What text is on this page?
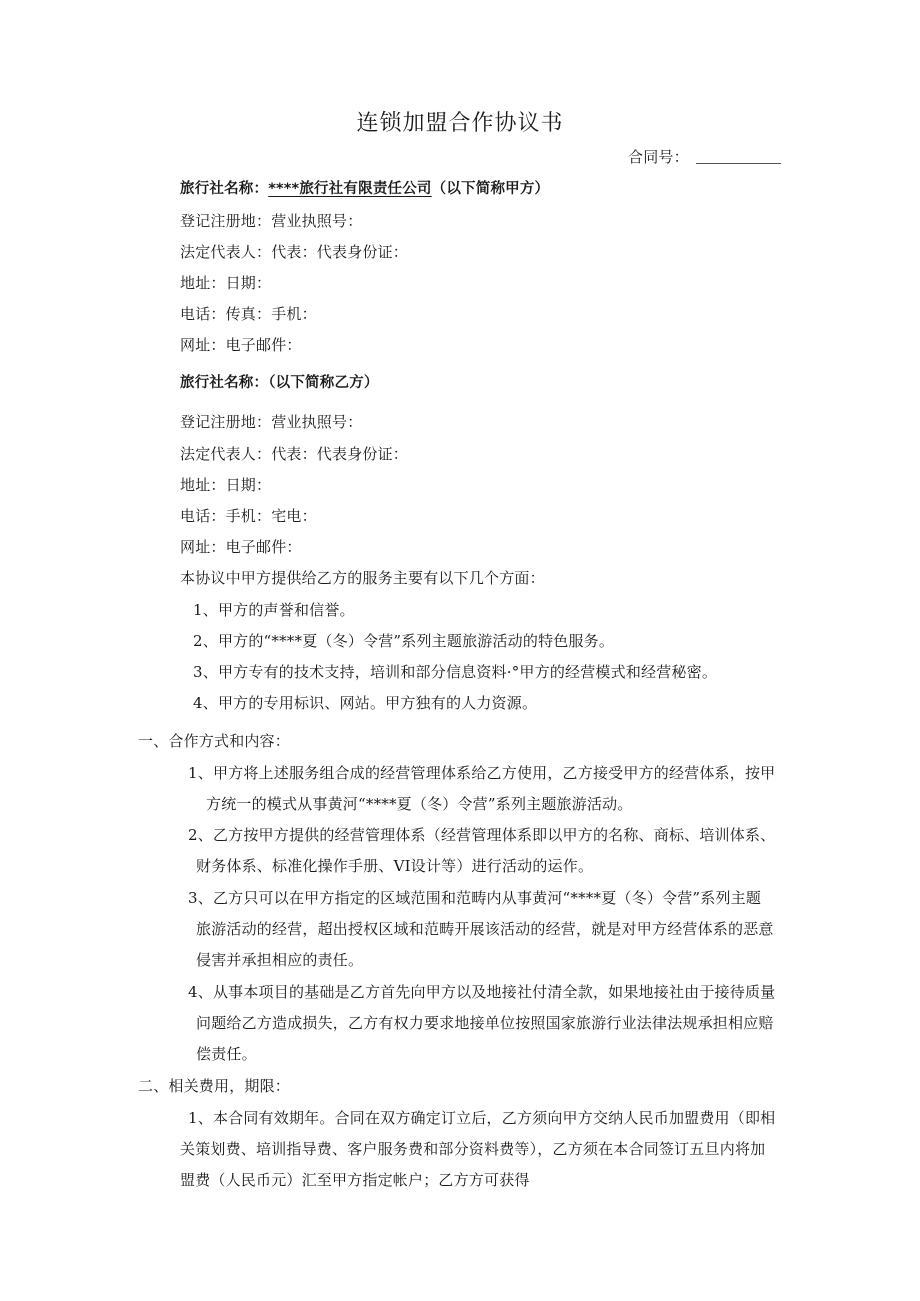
连锁加盟合作协议书
合同号：
旅行社名称：****旅行社有限责任公司（以下简称甲方）
登记注册地：营业执照号：
法定代表人：代表：代表身份证：
地址：日期：
电话：传真：手机：
网址：电子邮件：
旅行社名称：（以下简称乙方）
登记注册地：营业执照号：
法定代表人：代表：代表身份证：
地址：日期：
电话：手机：宅电：
网址：电子邮件：
本协议中甲方提供给乙方的服务主要有以下几个方面：
1、甲方的声誉和信誉。
2、甲方的“****夏（冬）令营”系列主题旅游活动的特色服务。
3、甲方专有的技术支持，培训和部分信息资料·°甲方的经营模式和经营秘密。
4、甲方的专用标识、网站。甲方独有的人力资源。
一、合作方式和内容：
1、甲方将上述服务组合成的经营管理体系给乙方使用，乙方接受甲方的经营体系，按甲
方统一的模式从事黄河“****夏（冬）令营”系列主题旅游活动。
2、乙方按甲方提供的经营管理体系（经营管理体系即以甲方的名称、商标、培训体系、
财务体系、标准化操作手册、VI设计等）进行活动的运作。
3、乙方只可以在甲方指定的区域范围和范畴内从事黄河“****夏（冬）令营”系列主题
旅游活动的经营，超出授权区域和范畴开展该活动的经营，就是对甲方经营体系的恶意
侵害并承担相应的责任。
4、从事本项目的基础是乙方首先向甲方以及地接社付清全款，如果地接社由于接待质量
问题给乙方造成损失，乙方有权力要求地接单位按照国家旅游行业法律法规承担相应赔
偿责任。
二、相关费用，期限：
1、本合同有效期年。合同在双方确定订立后，乙方须向甲方交纳人民币加盟费用（即相
关策划费、培训指导费、客户服务费和部分资料费等），乙方须在本合同签订五旦内将加
盟费（人民币元）汇至甲方指定帐户；乙方方可获得
